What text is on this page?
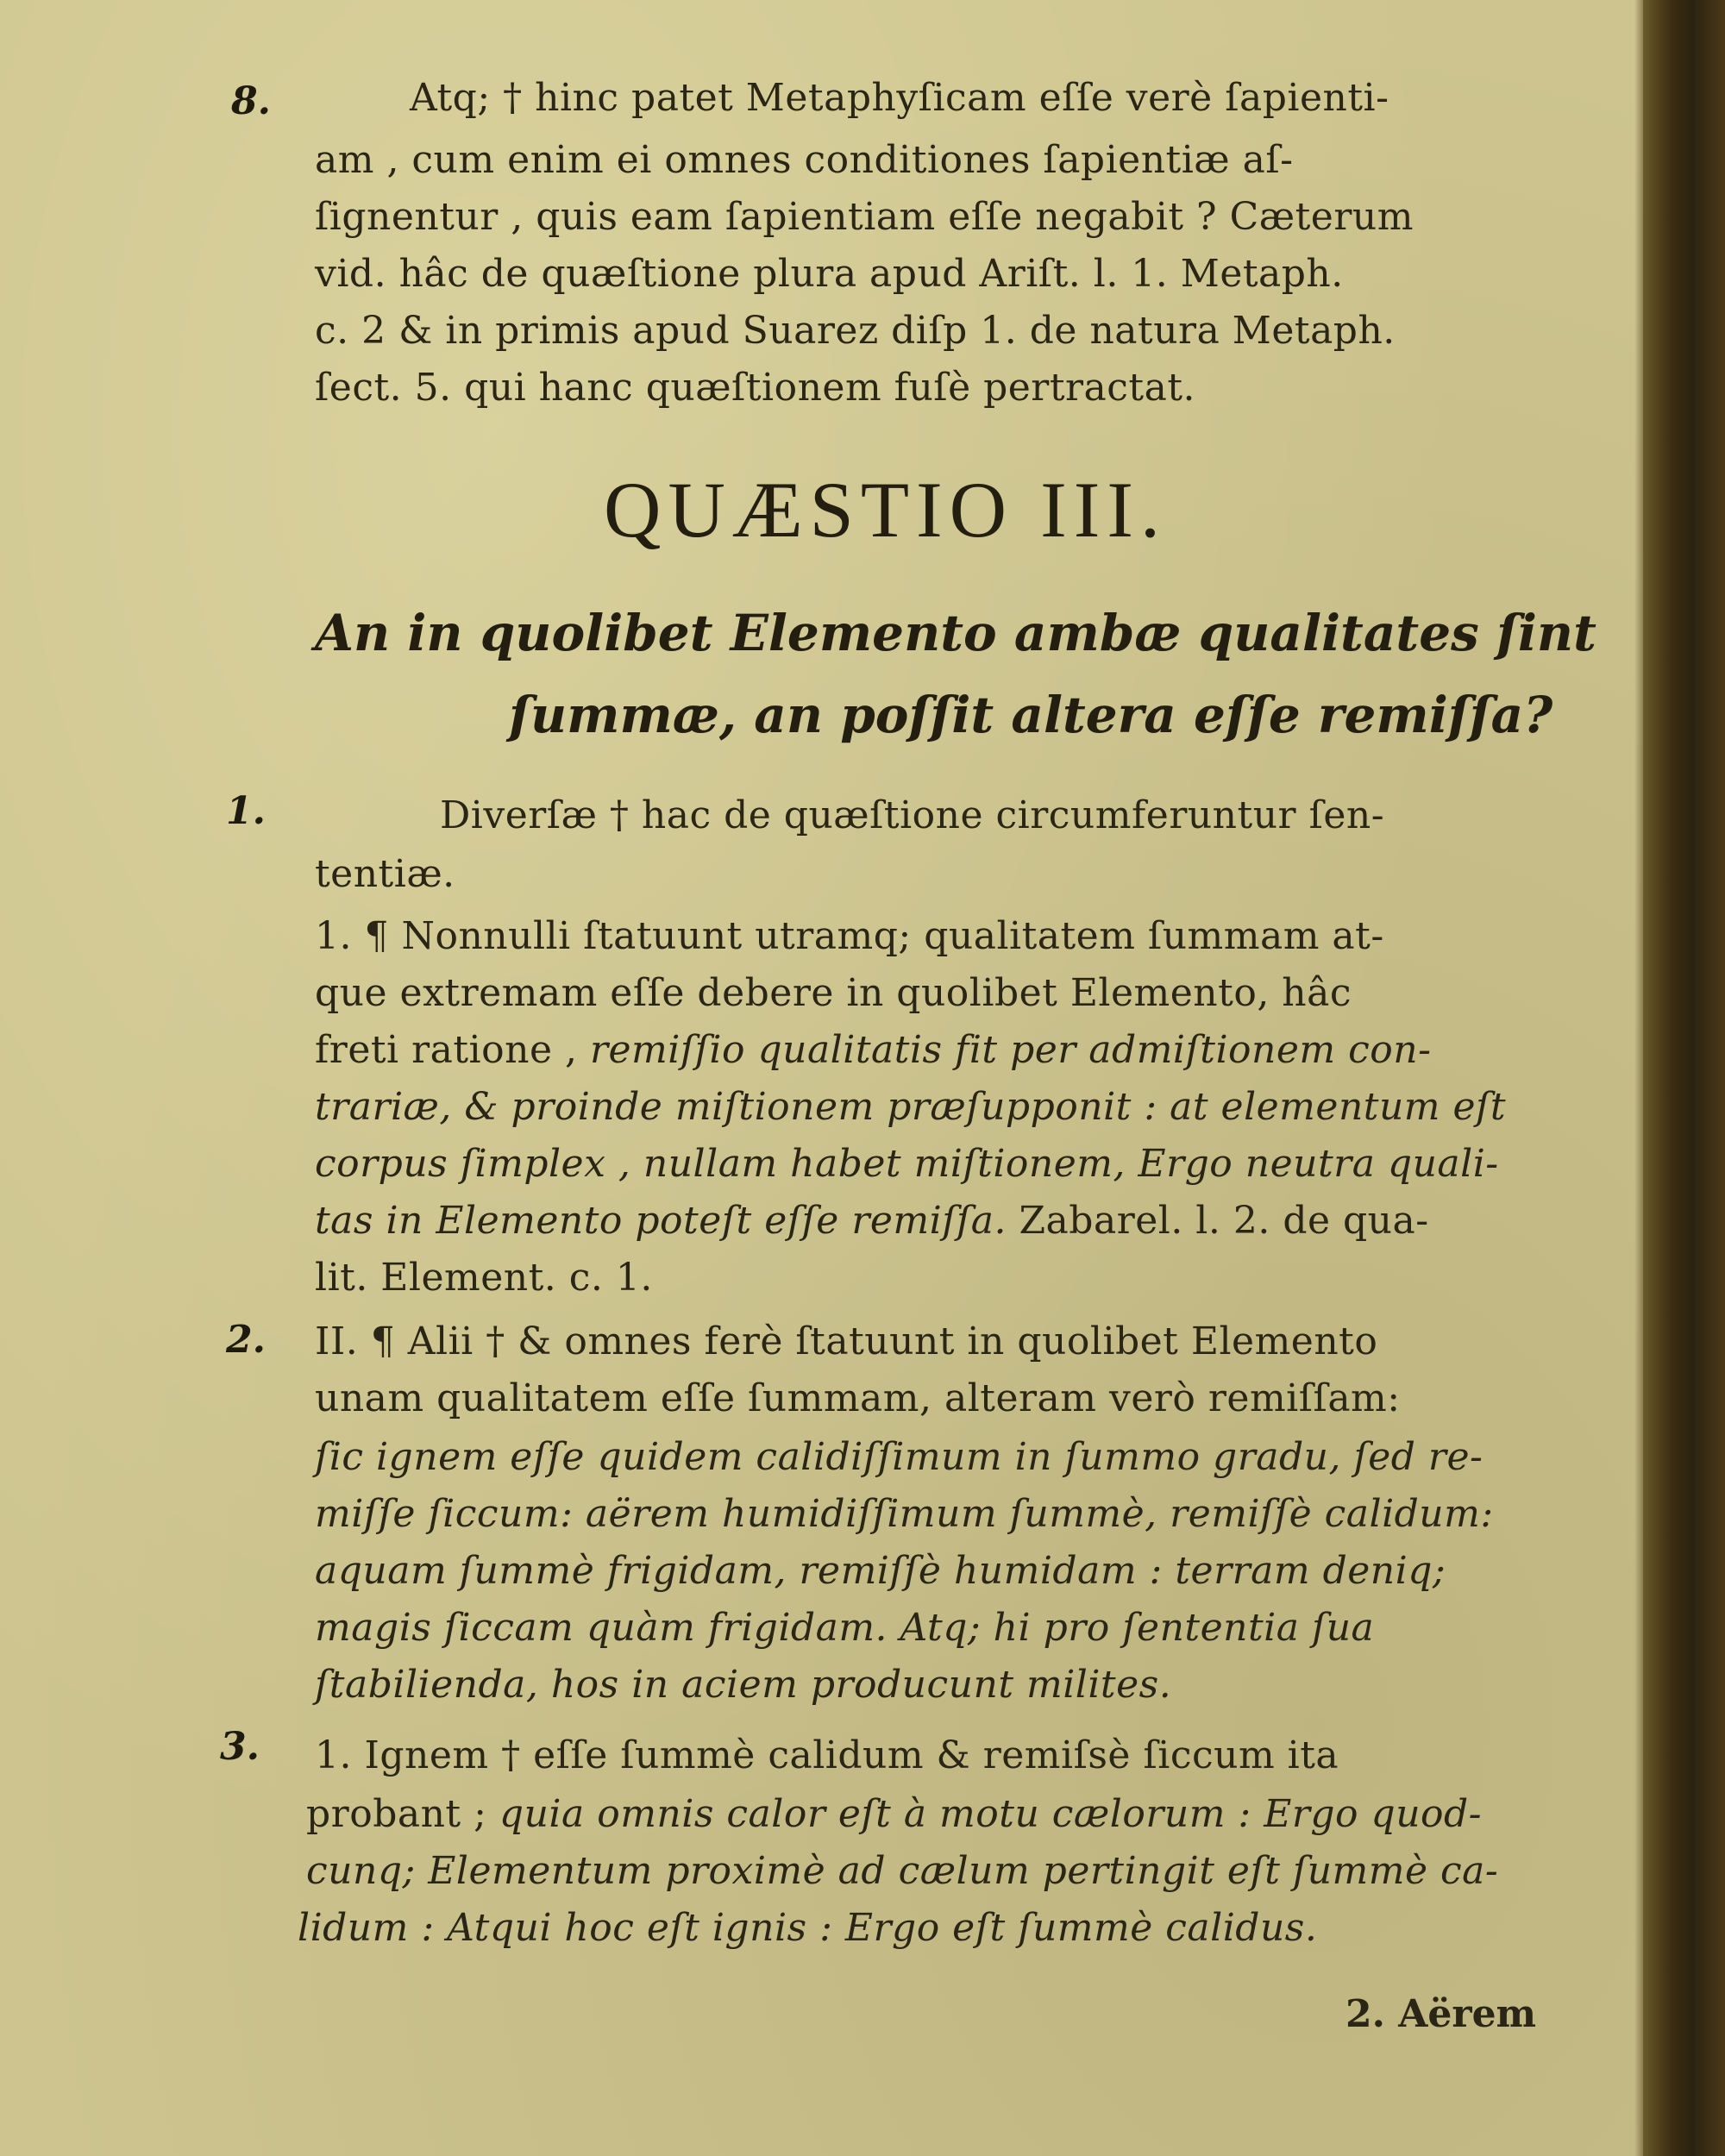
8.	Atq; † hinc patet Metaphyſicam eſſe verè ſapienti-
am , cum enim ei omnes conditiones ſapientiæ aſ-
ſignentur , quis eam ſapientiam eſſe negabit ? Cæterum
vid. hâc de quæſtione plura apud Ariſt. l. 1. Metaph.
c. 2 & in primis apud Suarez diſp 1. de natura Metaph.
ſect. 5. qui hanc quæſtionem fuſè pertractat.
QUÆSTIO III.
An in quolibet Elemento ambæ qualitates ſint
ſummæ, an poſſit altera eſſe remiſſa?
1.	Diverſæ † hac de quæſtione circumferuntur ſen-
tentiæ.
1. ¶ Nonnulli ſtatuunt utramq; qualitatem ſummam at-
que extremam eſſe debere in quolibet Elemento, hâc
freti ratione , remiſſio qualitatis fit per admiſtionem con-
trariæ, & proinde miſtionem præſupponit : at elementum eſt
corpus ſimplex , nullam habet miſtionem, Ergo neutra quali-
tas in Elemento poteſt eſſe remiſſa. Zabarel. l. 2. de qua-
lit. Element. c. 1.
2. II. ¶ Alii † & omnes ferè ſtatuunt in quolibet Elemento
unam qualitatem eſſe ſummam, alteram verò remiſſam:
ſic ignem eſſe quidem calidiſſimum in ſummo gradu, ſed re-
miſſe ſiccum: aërem humidiſſimum ſummè, remiſſè calidum:
aquam ſummè frigidam, remiſſè humidam : terram deniq;
magis ſiccam quàm frigidam. Atq; hi pro ſententia ſua
ſtabilienda, hos in aciem producunt milites.
3. 1. Ignem † eſſe ſummè calidum & remiſsè ſiccum ita
probant ; quia omnis calor eſt à motu cælorum : Ergo quod-
cunq; Elementum proximè ad cælum pertingit eſt ſummè ca-
lidum : Atqui hoc eſt ignis : Ergo eſt ſummè calidus.
2. Aërem
